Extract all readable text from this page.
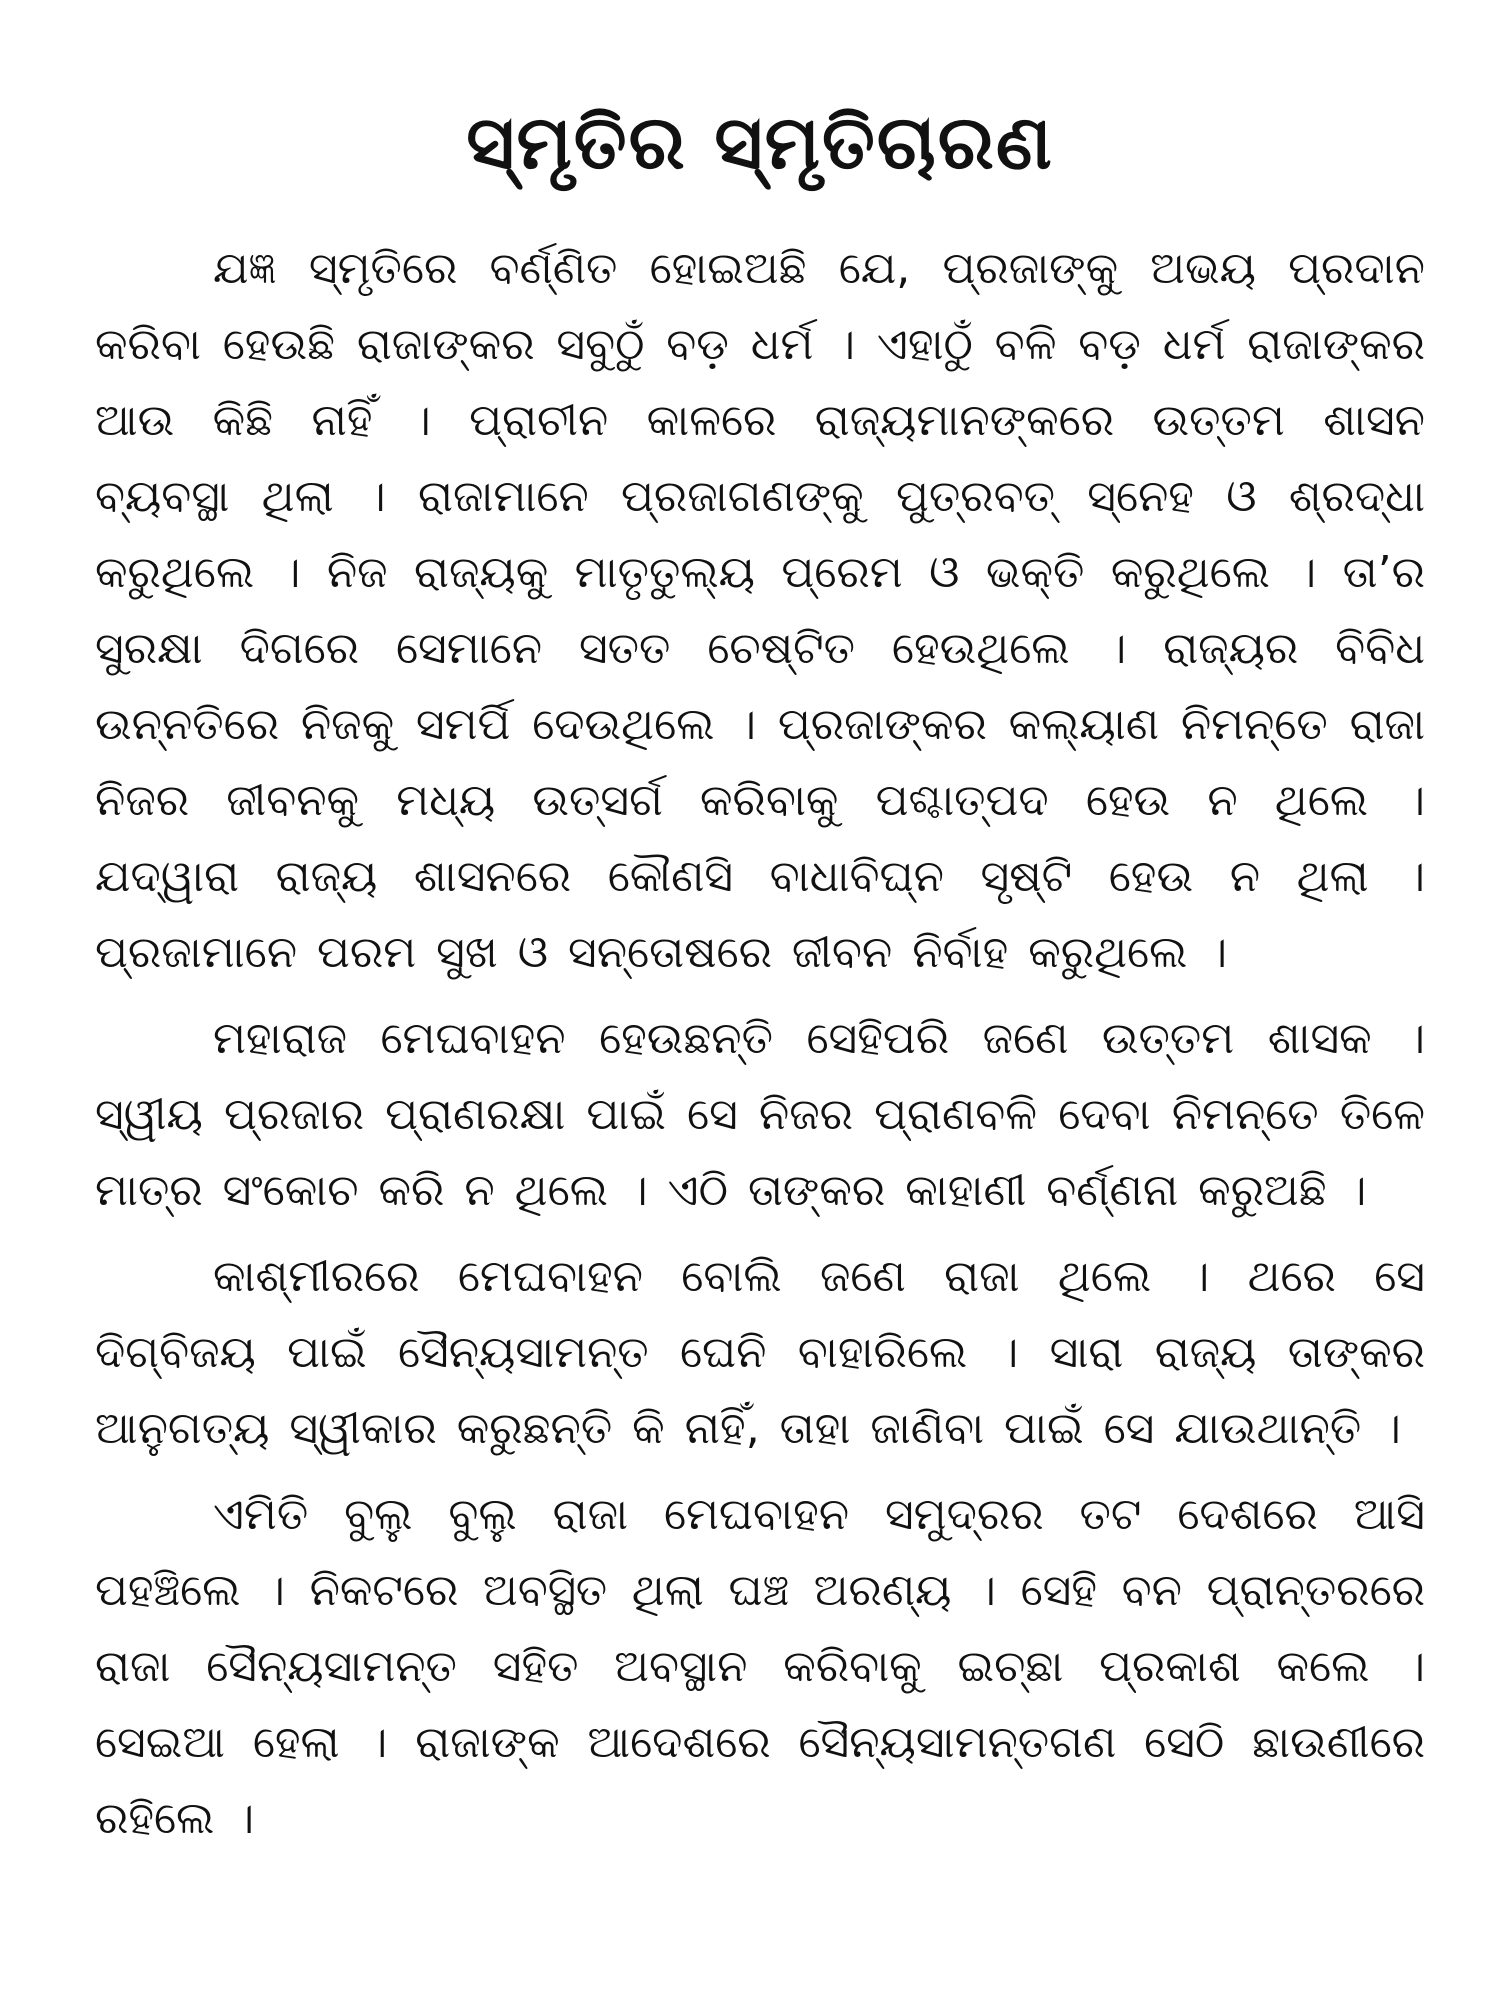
ସ୍ମୃତିର ସ୍ମୃତିଚାରଣ

ଯଜ୍ଞ ସ୍ମୃତିରେ ବର୍ଣ୍ଣିତ ହୋଇଅଛି ଯେ, ପ୍ରଜାଙ୍କୁ ଅଭୟ ପ୍ରଦାନ କରିବା ହେଉଛି ରାଜାଙ୍କର ସବୁଠୁଁ ବଡ଼ ଧର୍ମ । ଏହାଠୁଁ ବଳି ବଡ଼ ଧର୍ମ ରାଜାଙ୍କର ଆଉ କିଛି ନାହିଁ । ପ୍ରାଚୀନ କାଳରେ ରାଜ୍ୟମାନଙ୍କରେ ଉତ୍ତମ ଶାସନ ବ୍ୟବସ୍ଥା ଥିଲା । ରାଜାମାନେ ପ୍ରଜାଗଣଙ୍କୁ ପୁତ୍ରବତ୍ ସ୍ନେହ ଓ ଶ୍ରଦ୍ଧା କରୁଥିଲେ । ନିଜ ରାଜ୍ୟକୁ ମାତୃତୁଲ୍ୟ ପ୍ରେମ ଓ ଭକ୍ତି କରୁଥିଲେ । ତା’ର ସୁରକ୍ଷା ଦିଗରେ ସେମାନେ ସତତ ଚେଷ୍ଟିତ ହେଉଥିଲେ । ରାଜ୍ୟର ବିବିଧ ଉନ୍ନତିରେ ନିଜକୁ ସମର୍ପି ଦେଉଥିଲେ । ପ୍ରଜାଙ୍କର କଲ୍ୟାଣ ନିମନ୍ତେ ରାଜା ନିଜର ଜୀବନକୁ ମଧ୍ୟ ଉତ୍ସର୍ଗ କରିବାକୁ ପଶ୍ଚାତ୍‌ପଦ ହେଉ ନ ଥିଲେ । ଯଦ୍ୱାରା ରାଜ୍ୟ ଶାସନରେ କୌଣସି ବାଧାବିଘ୍ନ ସୃଷ୍ଟି ହେଉ ନ ଥିଲା । ପ୍ରଜାମାନେ ପରମ ସୁଖ ଓ ସନ୍ତୋଷରେ ଜୀବନ ନିର୍ବାହ କରୁଥିଲେ ।

ମହାରାଜ ମେଘବାହନ ହେଉଛନ୍ତି ସେହିପରି ଜଣେ ଉତ୍ତମ ଶାସକ । ସ୍ୱୀୟ ପ୍ରଜାର ପ୍ରାଣରକ୍ଷା ପାଇଁ ସେ ନିଜର ପ୍ରାଣବଳି ଦେବା ନିମନ୍ତେ ତିଳେ ମାତ୍ର ସଂକୋଚ କରି ନ ଥିଲେ । ଏଠି ତାଙ୍କର କାହାଣୀ ବର୍ଣ୍ଣନା କରୁଅଛି ।

କାଶ୍ମୀରରେ ମେଘବାହନ ବୋଲି ଜଣେ ରାଜା ଥିଲେ । ଥରେ ସେ ଦିଗ୍‌ବିଜୟ ପାଇଁ ସୈନ୍ୟସାମନ୍ତ ଘେନି ବାହାରିଲେ । ସାରା ରାଜ୍ୟ ତାଙ୍କର ଆନୁଗତ୍ୟ ସ୍ୱୀକାର କରୁଛନ୍ତି କି ନାହିଁ, ତାହା ଜାଣିବା ପାଇଁ ସେ ଯାଉଥାନ୍ତି ।

ଏମିତି ବୁଲୁ ବୁଲୁ ରାଜା ମେଘବାହନ ସମୁଦ୍ରର ତଟ ଦେଶରେ ଆସି ପହଞ୍ଚିଲେ । ନିକଟରେ ଅବସ୍ଥିତ ଥିଲା ଘଞ୍ଚ ଅରଣ୍ୟ । ସେହି ବନ ପ୍ରାନ୍ତରରେ ରାଜା ସୈନ୍ୟସାମନ୍ତ ସହିତ ଅବସ୍ଥାନ କରିବାକୁ ଇଚ୍ଛା ପ୍ରକାଶ କଲେ । ସେଇଆ ହେଲା । ରାଜାଙ୍କ ଆଦେଶରେ ସୈନ୍ୟସାମନ୍ତଗଣ ସେଠି ଛାଉଣୀରେ ରହିଲେ ।
